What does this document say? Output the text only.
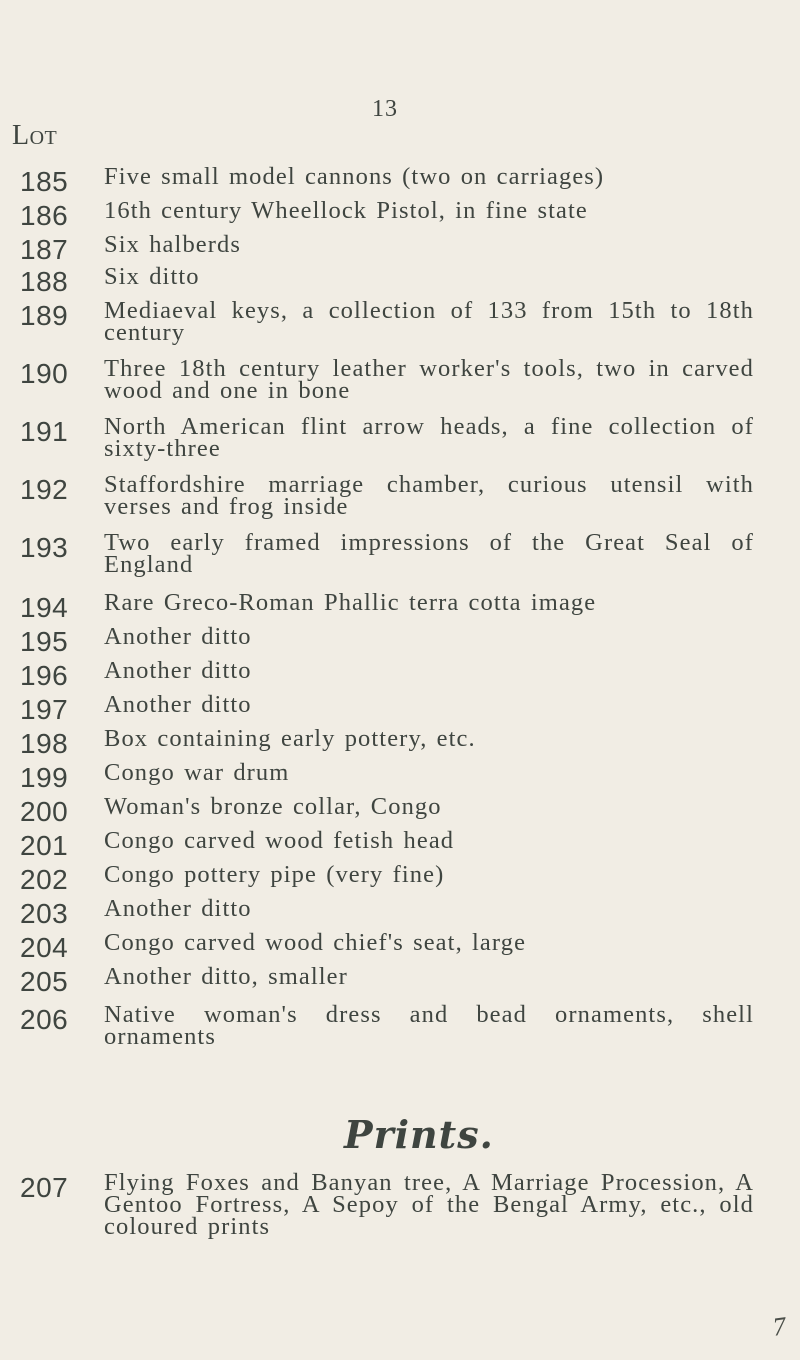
13
Lot
185 Five small model cannons (two on carriages)
186 16th century Wheellock Pistol, in fine state
187 Six halberds
188 Six ditto
189 Mediaeval keys, a collection of 133 from 15th to 18th century
190 Three 18th century leather worker's tools, two in carved wood and one in bone
191 North American flint arrow heads, a fine collection of sixty-three
192 Staffordshire marriage chamber, curious utensil with verses and frog inside
193 Two early framed impressions of the Great Seal of England
194 Rare Greco-Roman Phallic terra cotta image
195 Another ditto
196 Another ditto
197 Another ditto
198 Box containing early pottery, etc.
199 Congo war drum
200 Woman's bronze collar, Congo
201 Congo carved wood fetish head
202 Congo pottery pipe (very fine)
203 Another ditto
204 Congo carved wood chief's seat, large
205 Another ditto, smaller
206 Native woman's dress and bead ornaments, shell ornaments
Prints.
207 Flying Foxes and Banyan tree, A Marriage Procession, A Gentoo Fortress, A Sepoy of the Bengal Army, etc., old coloured prints
7
